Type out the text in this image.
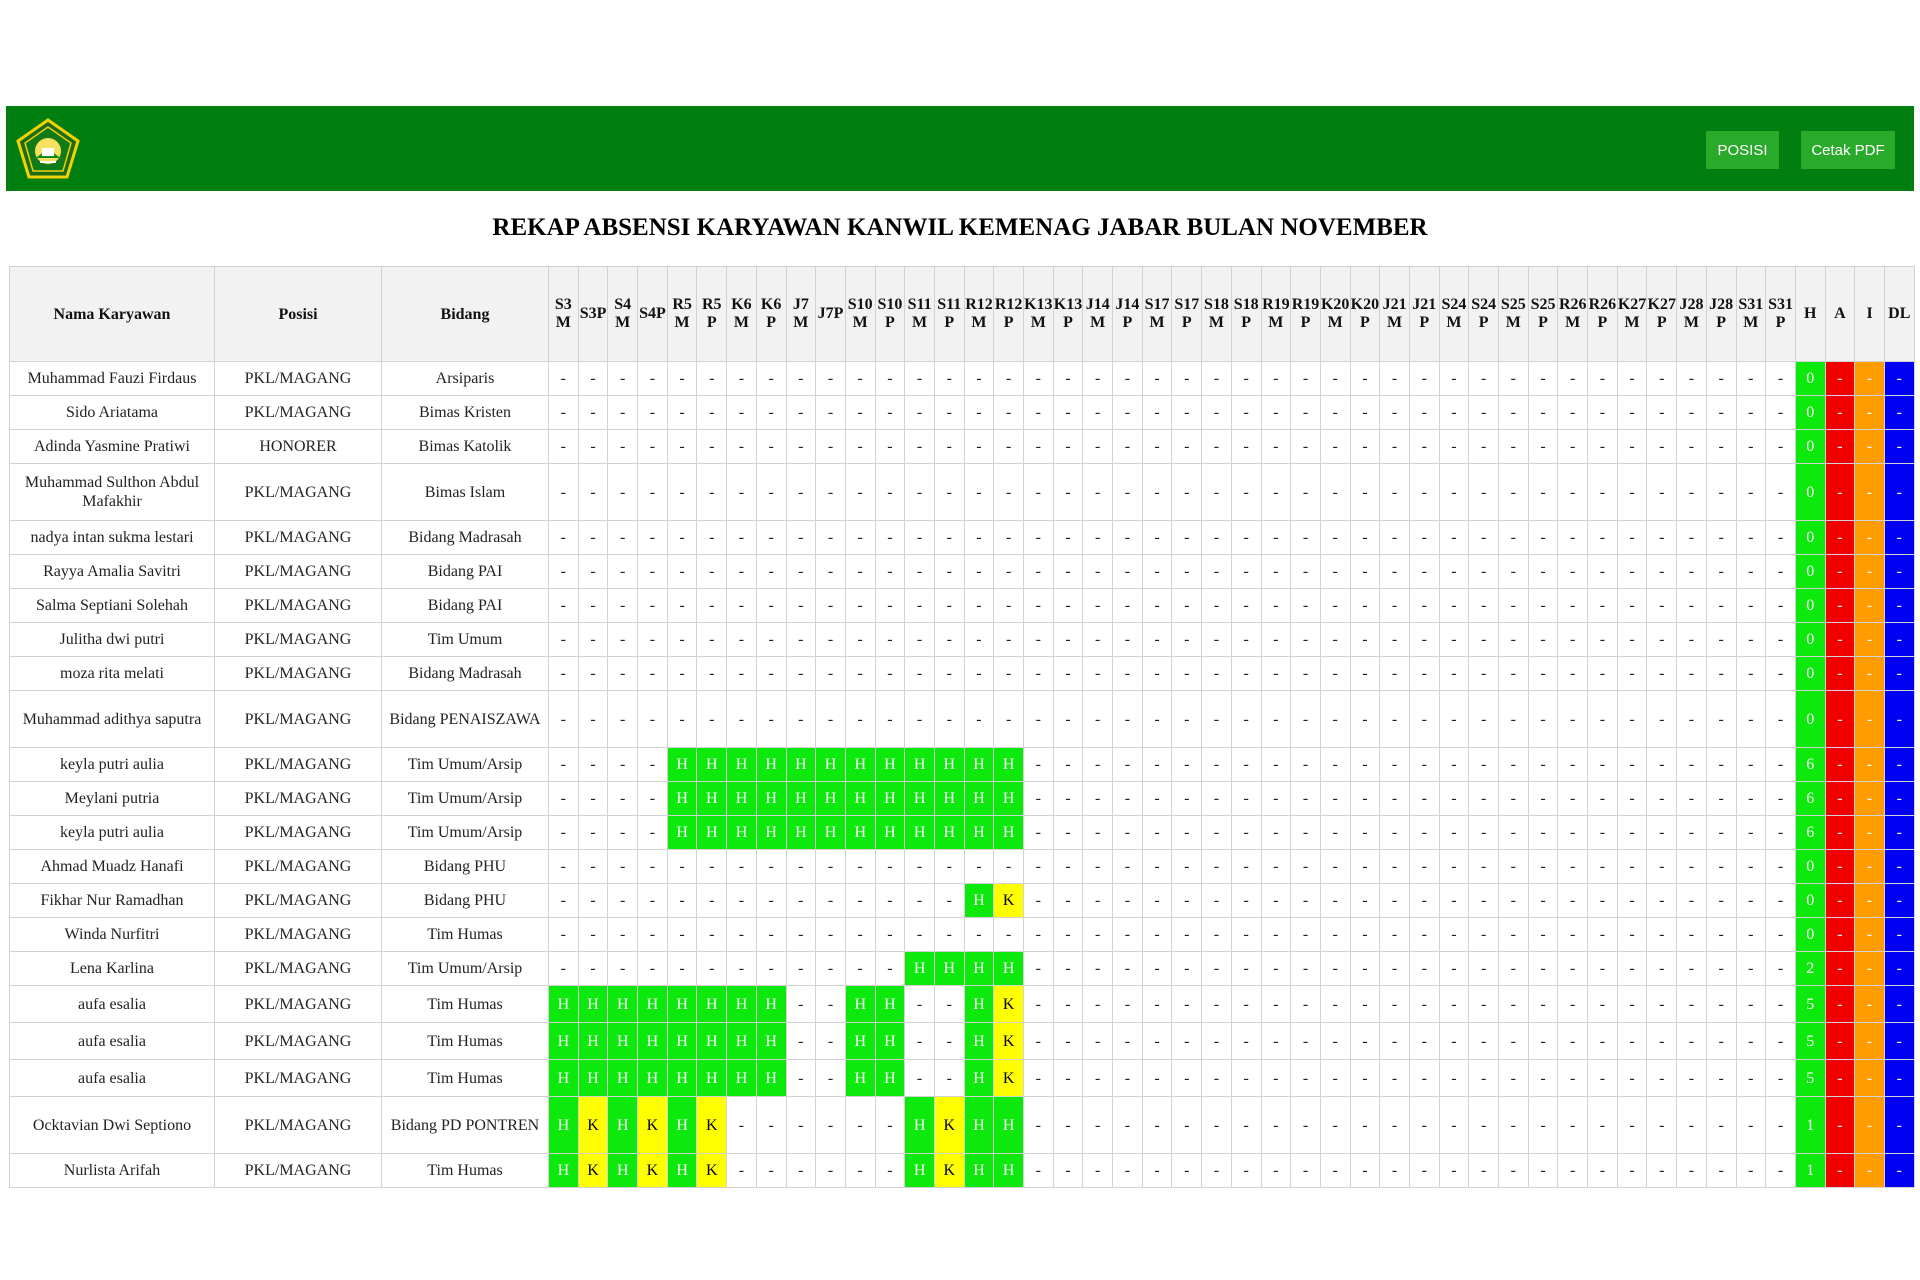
POSISI	Cetak PDF
REKAP ABSENSI KARYAWAN KANWIL KEMENAG JABAR BULAN NOVEMBER
Nama Karyawan	Posisi	Bidang	S3M	S3P	S4M	S4P	R5M	R5P	K6M	K6P	J7M	J7P	S10M	S10P	S11M	S11P	R12M	R12P	K13M	K13P	J14M	J14P	S17M	S17P	S18M	S18P	R19M	R19P	K20M	K20P	J21M	J21P	S24M	S24P	S25M	S25P	R26M	R26P	K27M	K27P	J28M	J28P	S31M	S31P	H	A	I	DL
Muhammad Fauzi Firdaus	PKL/MAGANG	Arsiparis	-	-	-	-	-	-	-	-	-	-	-	-	-	-	-	-	-	-	-	-	-	-	-	-	-	-	-	-	-	-	-	-	-	-	-	-	-	-	-	-	-	-	0	-	-	-
Sido Ariatama	PKL/MAGANG	Bimas Kristen	-	-	-	-	-	-	-	-	-	-	-	-	-	-	-	-	-	-	-	-	-	-	-	-	-	-	-	-	-	-	-	-	-	-	-	-	-	-	-	-	-	-	0	-	-	-
Adinda Yasmine Pratiwi	HONORER	Bimas Katolik	-	-	-	-	-	-	-	-	-	-	-	-	-	-	-	-	-	-	-	-	-	-	-	-	-	-	-	-	-	-	-	-	-	-	-	-	-	-	-	-	-	-	0	-	-	-
Muhammad Sulthon Abdul Mafakhir	PKL/MAGANG	Bimas Islam	-	-	-	-	-	-	-	-	-	-	-	-	-	-	-	-	-	-	-	-	-	-	-	-	-	-	-	-	-	-	-	-	-	-	-	-	-	-	-	-	-	-	0	-	-	-
nadya intan sukma lestari	PKL/MAGANG	Bidang Madrasah	-	-	-	-	-	-	-	-	-	-	-	-	-	-	-	-	-	-	-	-	-	-	-	-	-	-	-	-	-	-	-	-	-	-	-	-	-	-	-	-	-	-	0	-	-	-
Rayya Amalia Savitri	PKL/MAGANG	Bidang PAI	-	-	-	-	-	-	-	-	-	-	-	-	-	-	-	-	-	-	-	-	-	-	-	-	-	-	-	-	-	-	-	-	-	-	-	-	-	-	-	-	-	-	0	-	-	-
Salma Septiani Solehah	PKL/MAGANG	Bidang PAI	-	-	-	-	-	-	-	-	-	-	-	-	-	-	-	-	-	-	-	-	-	-	-	-	-	-	-	-	-	-	-	-	-	-	-	-	-	-	-	-	-	-	0	-	-	-
Julitha dwi putri	PKL/MAGANG	Tim Umum	-	-	-	-	-	-	-	-	-	-	-	-	-	-	-	-	-	-	-	-	-	-	-	-	-	-	-	-	-	-	-	-	-	-	-	-	-	-	-	-	-	-	0	-	-	-
moza rita melati	PKL/MAGANG	Bidang Madrasah	-	-	-	-	-	-	-	-	-	-	-	-	-	-	-	-	-	-	-	-	-	-	-	-	-	-	-	-	-	-	-	-	-	-	-	-	-	-	-	-	-	-	0	-	-	-
Muhammad adithya saputra	PKL/MAGANG	Bidang PENAISZAWA	-	-	-	-	-	-	-	-	-	-	-	-	-	-	-	-	-	-	-	-	-	-	-	-	-	-	-	-	-	-	-	-	-	-	-	-	-	-	-	-	-	-	0	-	-	-
keyla putri aulia	PKL/MAGANG	Tim Umum/Arsip	-	-	-	-	H	H	H	H	H	H	H	H	H	H	H	H	-	-	-	-	-	-	-	-	-	-	-	-	-	-	-	-	-	-	-	-	-	-	-	-	-	-	6	-	-	-
Meylani putria	PKL/MAGANG	Tim Umum/Arsip	-	-	-	-	H	H	H	H	H	H	H	H	H	H	H	H	-	-	-	-	-	-	-	-	-	-	-	-	-	-	-	-	-	-	-	-	-	-	-	-	-	-	6	-	-	-
keyla putri aulia	PKL/MAGANG	Tim Umum/Arsip	-	-	-	-	H	H	H	H	H	H	H	H	H	H	H	H	-	-	-	-	-	-	-	-	-	-	-	-	-	-	-	-	-	-	-	-	-	-	-	-	-	-	6	-	-	-
Ahmad Muadz Hanafi	PKL/MAGANG	Bidang PHU	-	-	-	-	-	-	-	-	-	-	-	-	-	-	-	-	-	-	-	-	-	-	-	-	-	-	-	-	-	-	-	-	-	-	-	-	-	-	-	-	-	-	0	-	-	-
Fikhar Nur Ramadhan	PKL/MAGANG	Bidang PHU	-	-	-	-	-	-	-	-	-	-	-	-	-	-	H	K	-	-	-	-	-	-	-	-	-	-	-	-	-	-	-	-	-	-	-	-	-	-	-	-	-	-	0	-	-	-
Winda Nurfitri	PKL/MAGANG	Tim Humas	-	-	-	-	-	-	-	-	-	-	-	-	-	-	-	-	-	-	-	-	-	-	-	-	-	-	-	-	-	-	-	-	-	-	-	-	-	-	-	-	-	-	0	-	-	-
Lena Karlina	PKL/MAGANG	Tim Umum/Arsip	-	-	-	-	-	-	-	-	-	-	-	-	H	H	H	H	-	-	-	-	-	-	-	-	-	-	-	-	-	-	-	-	-	-	-	-	-	-	-	-	-	-	2	-	-	-
aufa esalia	PKL/MAGANG	Tim Humas	H	H	H	H	H	H	H	H	-	-	H	H	-	-	H	K	-	-	-	-	-	-	-	-	-	-	-	-	-	-	-	-	-	-	-	-	-	-	-	-	-	-	5	-	-	-
aufa esalia	PKL/MAGANG	Tim Humas	H	H	H	H	H	H	H	H	-	-	H	H	-	-	H	K	-	-	-	-	-	-	-	-	-	-	-	-	-	-	-	-	-	-	-	-	-	-	-	-	-	-	5	-	-	-
aufa esalia	PKL/MAGANG	Tim Humas	H	H	H	H	H	H	H	H	-	-	H	H	-	-	H	K	-	-	-	-	-	-	-	-	-	-	-	-	-	-	-	-	-	-	-	-	-	-	-	-	-	-	5	-	-	-
Ocktavian Dwi Septiono	PKL/MAGANG	Bidang PD PONTREN	H	K	H	K	H	K	-	-	-	-	-	-	H	K	H	H	-	-	-	-	-	-	-	-	-	-	-	-	-	-	-	-	-	-	-	-	-	-	-	-	-	-	1	-	-	-
Nurlista Arifah	PKL/MAGANG	Tim Humas	H	K	H	K	H	K	-	-	-	-	-	-	H	K	H	H	-	-	-	-	-	-	-	-	-	-	-	-	-	-	-	-	-	-	-	-	-	-	-	-	-	-	1	-	-	-
